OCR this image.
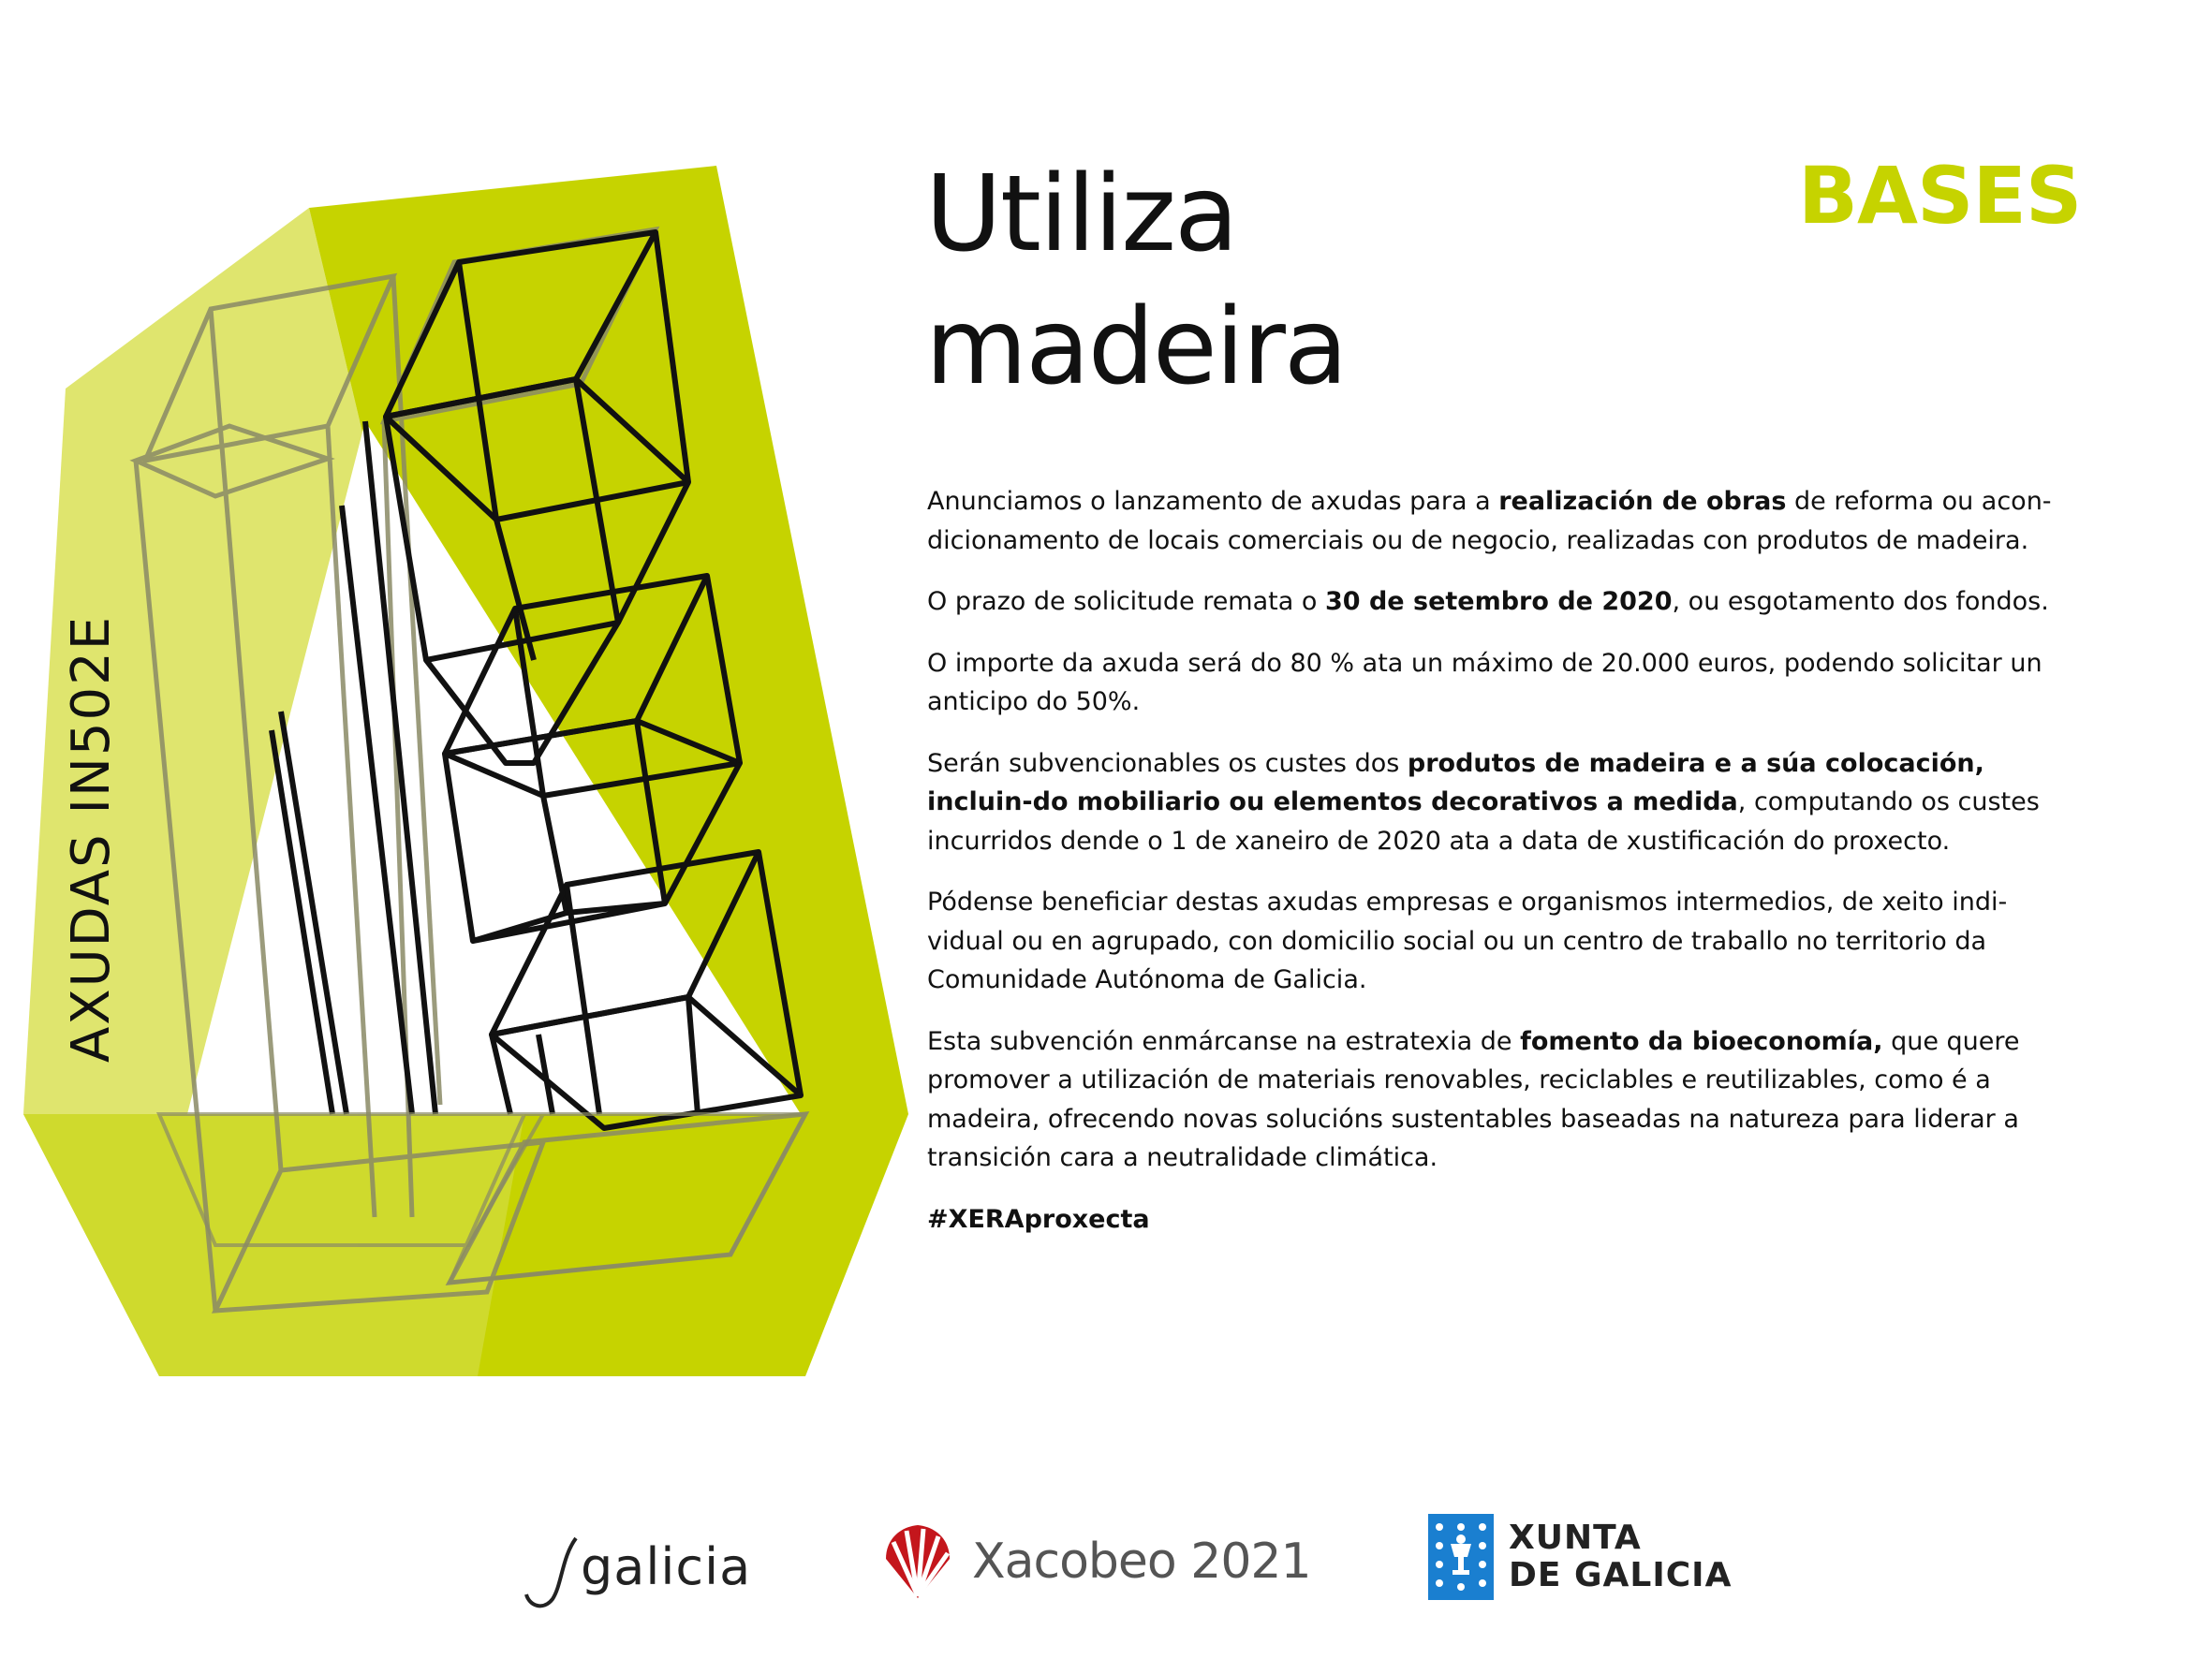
AXUDAS IN502E
Utiliza
madeira
BASES

Anunciamos o lanzamento de axudas para a realización de obras de reforma ou acon-dicionamento de locais comerciais ou de negocio, realizadas con produtos de madeira.

O prazo de solicitude remata o 30 de setembro de 2020, ou esgotamento dos fondos.

O importe da axuda será do 80 % ata un máximo de 20.000 euros, podendo solicitar un anticipo do 50%.

Serán subvencionables os custes dos produtos de madeira e a súa colocación, incluin-do mobiliario ou elementos decorativos a medida, computando os custes incurridos dende o 1 de xaneiro de 2020 ata a data de xustificación do proxecto.

Pódense beneficiar destas axudas empresas e organismos intermedios, de xeito indi-vidual ou en agrupado, con domicilio social ou un centro de traballo no territorio da Comunidade Autónoma de Galicia.

Esta subvención enmárcanse na estratexia de fomento da bioeconomía, que quere promover a utilización de materiais renovables, reciclables e reutilizables, como é a madeira, ofrecendo novas solucións sustentables baseadas na natureza para liderar a transición cara a neutralidade climática.

#XERAproxecta

galicia	Xacobeo 2021	XUNTA
DE GALICIA
